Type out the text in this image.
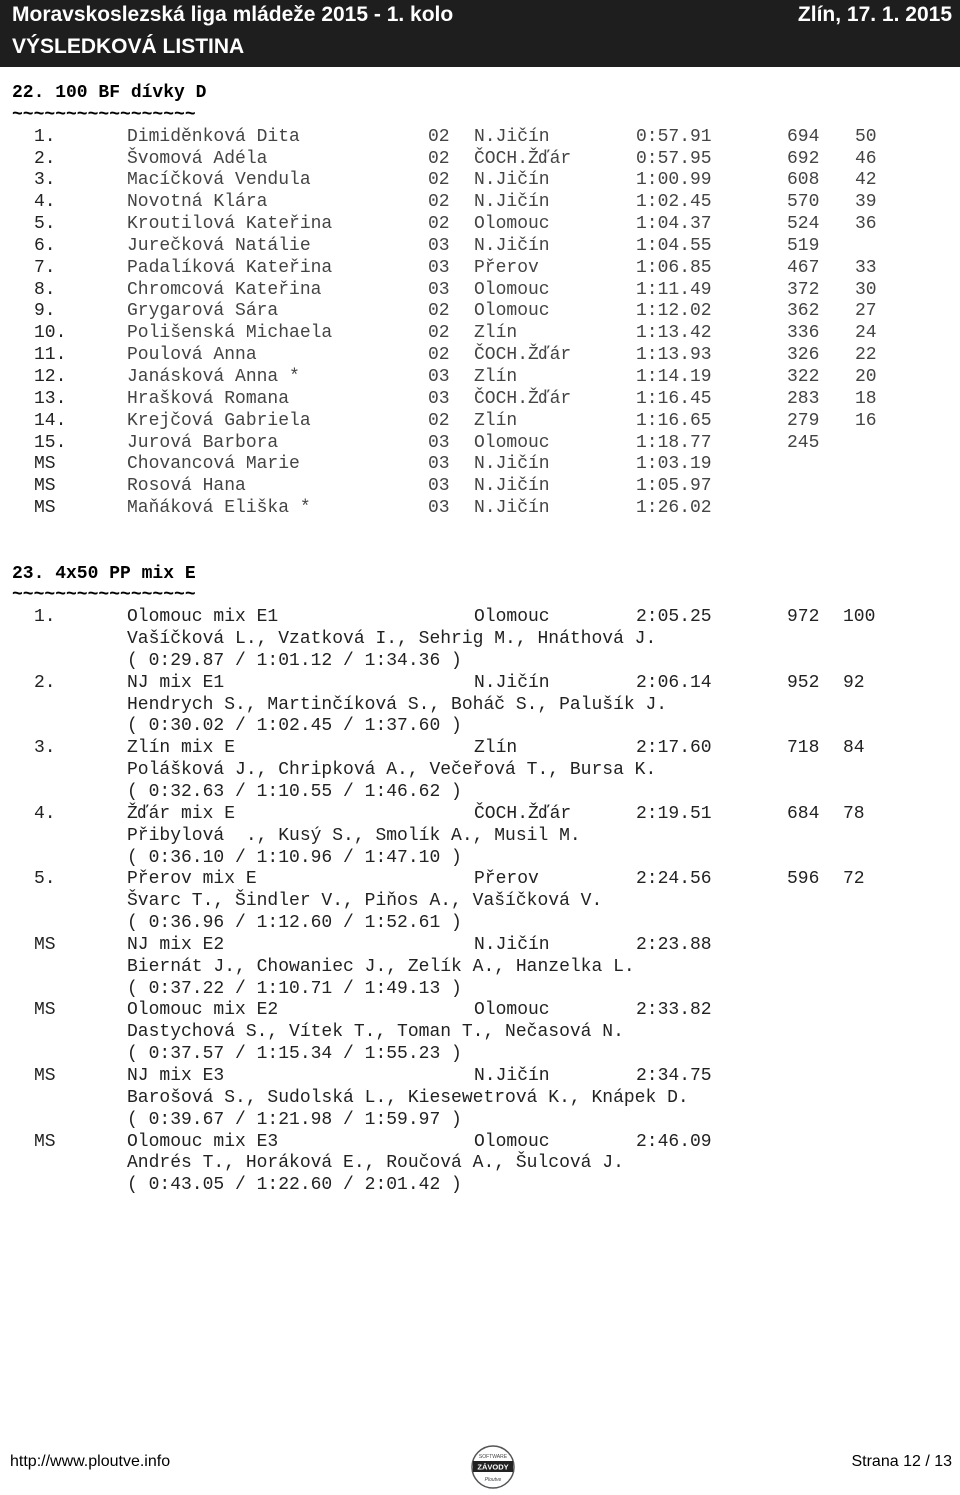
Moravskoslezská liga mládeže 2015 - 1. kolo
VÝSLEDKOVÁ LISTINA
Zlín, 17. 1. 2015
22. 100 BF dívky D
~~~~~~~~~~~~~~~~~
1.	Dimiděnková Dita	02 N.Jičín	0:57.91	694 50
2.	Švomová Adéla	02 ČOCH.Žďár	0:57.95	692 46
3.	Macíčková Vendula	02 N.Jičín	1:00.99	608 42
4.	Novotná Klára	02 N.Jičín	1:02.45	570 39
5.	Kroutilová Kateřina	02 Olomouc	1:04.37	524 36
6.	Jurečková Natálie	03 N.Jičín	1:04.55	519
7.	Padalíková Kateřina	03 Přerov	1:06.85	467 33
8.	Chromcová Kateřina	03 Olomouc	1:11.49	372 30
9.	Grygarová Sára	02 Olomouc	1:12.02	362 27
10.	Polišenská Michaela	02 Zlín	1:13.42	336 24
11.	Poulová Anna	02 ČOCH.Žďár	1:13.93	326 22
12.	Janásková Anna *	03 Zlín	1:14.19	322 20
13.	Hrašková Romana	03 ČOCH.Žďár	1:16.45	283 18
14.	Krejčová Gabriela	02 Zlín	1:16.65	279 16
15.	Jurová Barbora	03 Olomouc	1:18.77	245
MS	Chovancová Marie	03 N.Jičín	1:03.19
MS	Rosová Hana	03 N.Jičín	1:05.97
MS	Maňáková Eliška *	03 N.Jičín	1:26.02
23. 4x50 PP mix E
~~~~~~~~~~~~~~~~~
1.	Olomouc mix E1	Olomouc	2:05.25	972 100
Vašíčková L., Vzatková I., Sehrig M., Hnáthová J.
( 0:29.87 / 1:01.12 / 1:34.36 )
2.	NJ mix E1	N.Jičín	2:06.14	952 92
Hendrych S., Martinčíková S., Boháč S., Palušík J.
( 0:30.02 / 1:02.45 / 1:37.60 )
3.	Zlín mix E	Zlín	2:17.60	718 84
Polášková J., Chripková A., Večeřová T., Bursa K.
( 0:32.63 / 1:10.55 / 1:46.62 )
4.	Žďár mix E	ČOCH.Žďár	2:19.51	684 78
Přibylová  ., Kusý S., Smolík A., Musil M.
( 0:36.10 / 1:10.96 / 1:47.10 )
5.	Přerov mix E	Přerov	2:24.56	596 72
Švarc T., Šindler V., Piňos A., Vašíčková V.
( 0:36.96 / 1:12.60 / 1:52.61 )
MS	NJ mix E2	N.Jičín	2:23.88
Biernát J., Chowaniec J., Zelík A., Hanzelka L.
( 0:37.22 / 1:10.71 / 1:49.13 )
MS	Olomouc mix E2	Olomouc	2:33.82
Dastychová S., Vítek T., Toman T., Nečasová N.
( 0:37.57 / 1:15.34 / 1:55.23 )
MS	NJ mix E3	N.Jičín	2:34.75
Barošová S., Sudolská L., Kiesewetrová K., Knápek D.
( 0:39.67 / 1:21.98 / 1:59.97 )
MS	Olomouc mix E3	Olomouc	2:46.09
Andrés T., Horáková E., Roučová A., Šulcová J.
( 0:43.05 / 1:22.60 / 2:01.42 )
http://www.ploutve.info	SOFTWARE
ZÁVODY
Ploutve
Strana 12 / 13
